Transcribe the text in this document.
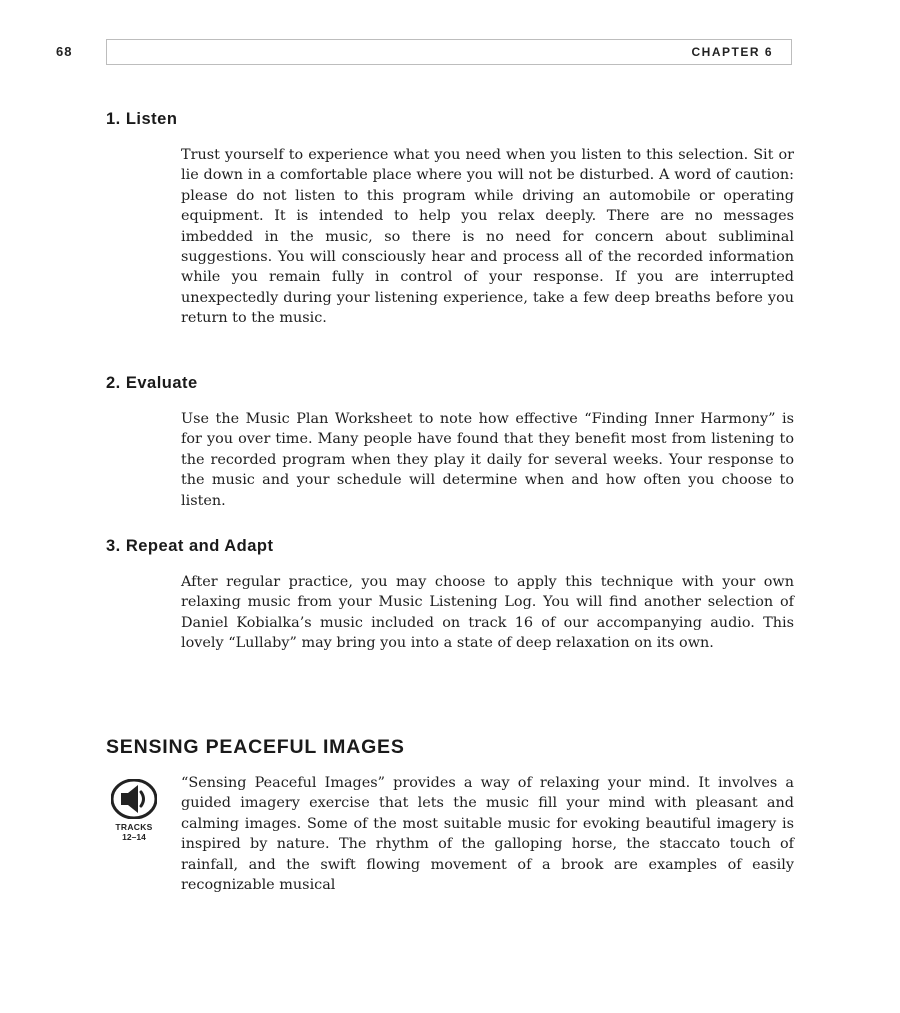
68	CHAPTER 6
1. Listen

Trust yourself to experience what you need when you listen to this selection. Sit or lie down in a comfortable place where you will not be disturbed. A word of caution: please do not listen to this program while driving an automobile or operating equipment. It is intended to help you relax deeply. There are no messages imbedded in the music, so there is no need for concern about subliminal suggestions. You will consciously hear and process all of the recorded information while you remain fully in control of your response. If you are interrupted unexpectedly during your listening experience, take a few deep breaths before you return to the music.

2. Evaluate

Use the Music Plan Worksheet to note how effective “Finding Inner Harmony” is for you over time. Many people have found that they benefit most from listening to the recorded program when they play it daily for several weeks. Your response to the music and your schedule will determine when and how often you choose to listen.

3. Repeat and Adapt

After regular practice, you may choose to apply this technique with your own relaxing music from your Music Listening Log. You will find another selection of Daniel Kobialka’s music included on track 16 of our accompanying audio. This lovely “Lullaby” may bring you into a state of deep relaxation on its own.

SENSING PEACEFUL IMAGES
TRACKS
12–14

“Sensing Peaceful Images” provides a way of relaxing your mind. It involves a guided imagery exercise that lets the music fill your mind with pleasant and calming images. Some of the most suitable music for evoking beautiful imagery is inspired by nature. The rhythm of the galloping horse, the staccato touch of rainfall, and the swift flowing movement of a brook are examples of easily recognizable musical
